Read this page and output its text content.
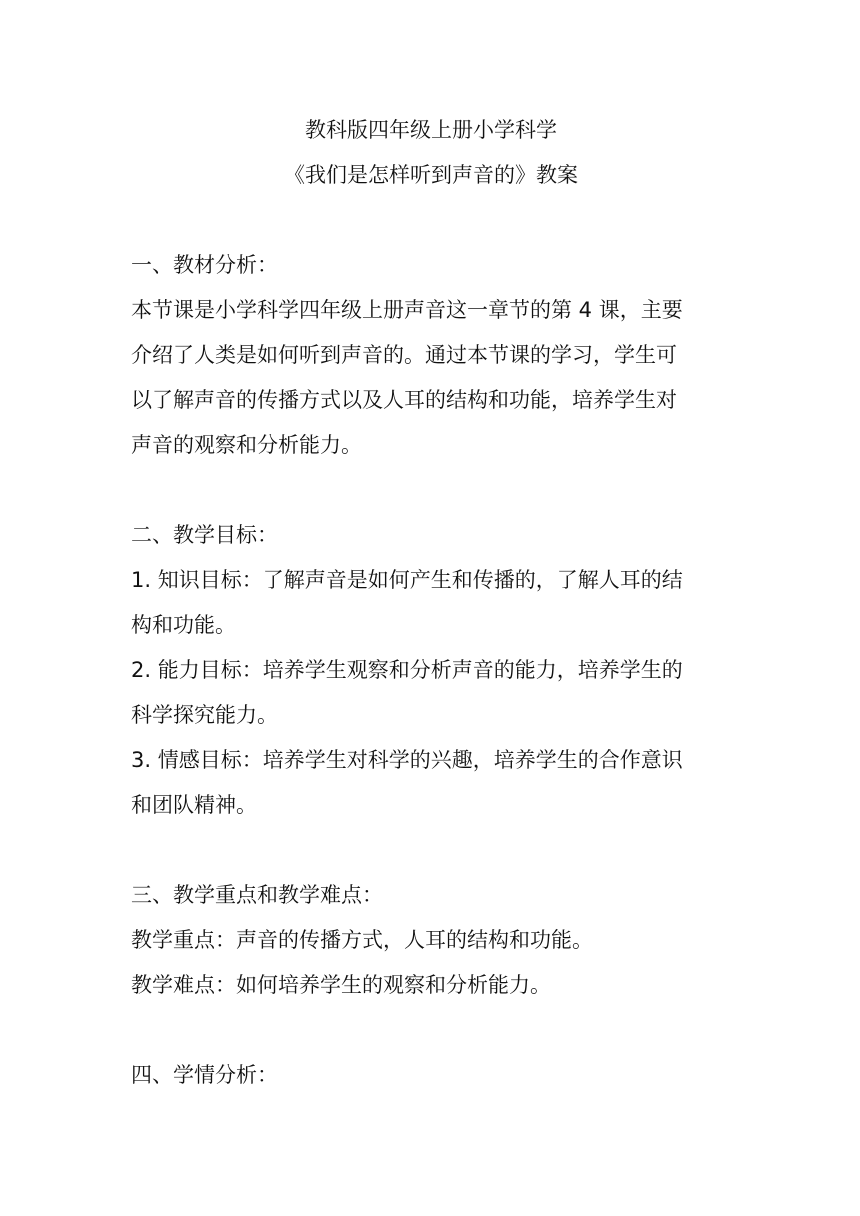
教科版四年级上册小学科学
《我们是怎样听到声音的》教案
一、教材分析：
本节课是小学科学四年级上册声音这一章节的第 4 课，主要
介绍了人类是如何听到声音的。通过本节课的学习，学生可
以了解声音的传播方式以及人耳的结构和功能，培养学生对
声音的观察和分析能力。
二、教学目标：
1. 知识目标：了解声音是如何产生和传播的，了解人耳的结
构和功能。
2. 能力目标：培养学生观察和分析声音的能力，培养学生的
科学探究能力。
3. 情感目标：培养学生对科学的兴趣，培养学生的合作意识
和团队精神。
三、教学重点和教学难点：
教学重点：声音的传播方式，人耳的结构和功能。
教学难点：如何培养学生的观察和分析能力。
四、学情分析：
